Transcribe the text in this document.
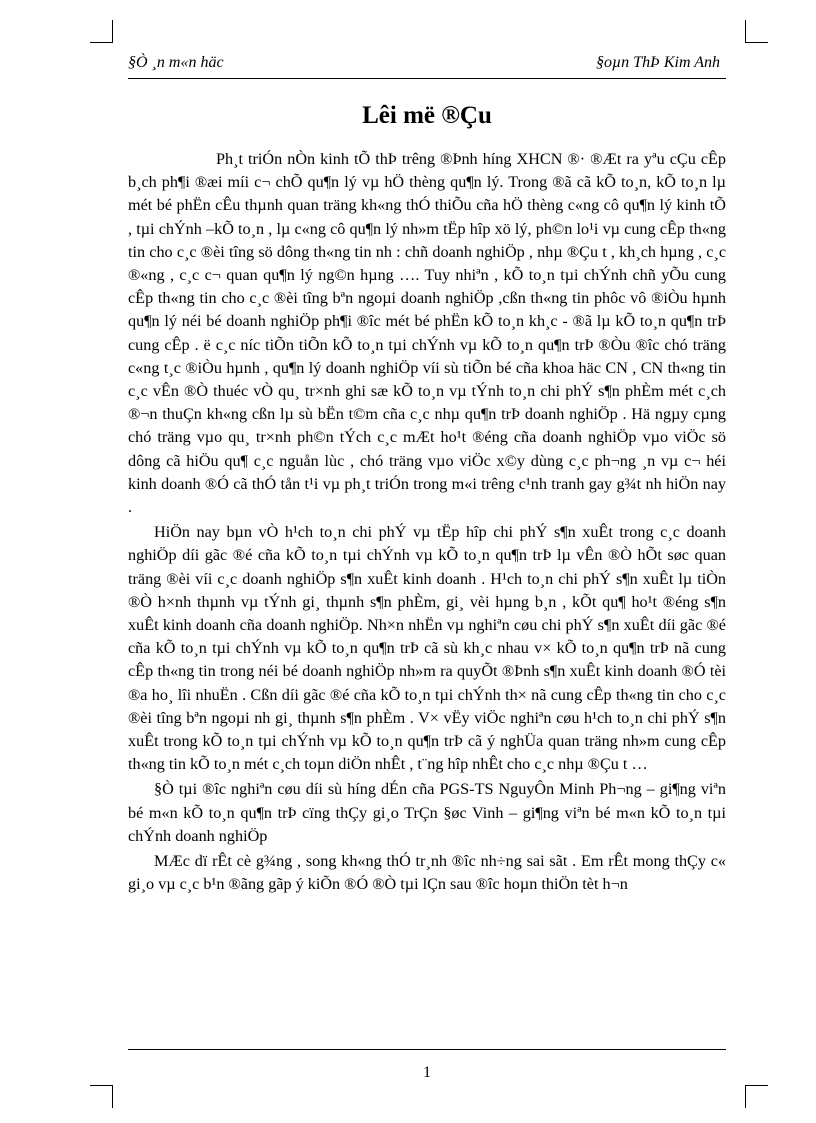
§Ò ¸n m«n häc	§oµn ThÞ Kim Anh
Lêi më ®Çu

Ph¸t triÓn nÒn kinh tÕ thÞ trêng ®Þnh híng XHCN ®· ®Æt ra yªu cÇu cÊp b¸ch ph¶i ®æi míi c¬ chÕ qu¶n lý vµ hÖ thèng qu¶n lý. Trong ®ã cã kÕ to¸n, kÕ to¸n lµ mét bé phËn cÊu thµnh quan träng kh«ng thÓ thiÕu cña hÖ thèng c«ng cô qu¶n lý kinh tÕ , tµi chÝnh –kÕ to¸n , lµ c«ng cô qu¶n lý nh»m tËp hîp xö lý, ph©n lo¹i vµ cung cÊp th«ng tin cho c¸c ®èi tîng sö dông th«ng tin nh : chñ doanh nghiÖp , nhµ ®Çu t , kh¸ch hµng , c¸c ®«ng , c¸c c¬ quan qu¶n lý ng©n hµng …. Tuy nhiªn , kÕ to¸n tµi chÝnh chñ yÕu cung cÊp th«ng tin cho c¸c ®èi tîng bªn ngoµi doanh nghiÖp ,cßn th«ng tin phôc vô ®iÒu hµnh qu¶n lý néi bé doanh nghiÖp ph¶i ®îc mét bé phËn kÕ to¸n kh¸c - ®ã lµ kÕ to¸n qu¶n trÞ cung cÊp . ë c¸c níc tiÕn tiÕn kÕ to¸n tµi chÝnh vµ kÕ to¸n qu¶n trÞ ®Òu ®îc chó träng c«ng t¸c ®iÒu hµnh , qu¶n lý doanh nghiÖp víi sù tiÕn bé cña khoa häc CN , CN th«ng tin c¸c vÊn ®Ò thuéc vÒ qu¸ tr×nh ghi sæ kÕ to¸n vµ tÝnh to¸n chi phÝ s¶n phÈm mét c¸ch ®¬n thuÇn kh«ng cßn lµ sù bËn t©m cña c¸c nhµ qu¶n trÞ doanh nghiÖp . Hä ngµy cµng chó träng vµo qu¸ tr×nh ph©n tÝch c¸c mÆt ho¹t ®éng cña doanh nghiÖp vµo viÖc sö dông cã hiÖu qu¶ c¸c nguån lùc , chó träng vµo viÖc x©y dùng c¸c ph¬ng ¸n vµ c¬ héi kinh doanh ®Ó cã thÓ tån t¹i vµ ph¸t triÓn trong m«i trêng c¹nh tranh gay g¾t nh hiÖn nay .

HiÖn nay bµn vÒ h¹ch to¸n chi phÝ vµ tËp hîp chi phÝ s¶n xuÊt trong c¸c doanh nghiÖp díi gãc ®é cña kÕ to¸n tµi chÝnh vµ kÕ to¸n qu¶n trÞ lµ vÊn ®Ò hÕt søc quan träng ®èi víi c¸c doanh nghiÖp s¶n xuÊt kinh doanh . H¹ch to¸n chi phÝ s¶n xuÊt lµ tiÒn ®Ò h×nh thµnh vµ tÝnh gi¸ thµnh s¶n phÈm, gi¸ vèi hµng b¸n , kÕt qu¶ ho¹t ®éng s¶n xuÊt kinh doanh cña doanh nghiÖp. Nh×n nhËn vµ nghiªn cøu chi phÝ s¶n xuÊt díi gãc ®é cña kÕ to¸n tµi chÝnh vµ kÕ to¸n qu¶n trÞ cã sù kh¸c nhau v× kÕ to¸n qu¶n trÞ nã cung cÊp th«ng tin trong néi bé doanh nghiÖp nh»m ra quyÕt ®Þnh s¶n xuÊt kinh doanh ®Ó tèi ®a ho¸ lîi nhuËn . Cßn díi gãc ®é cña kÕ to¸n tµi chÝnh th× nã cung cÊp th«ng tin cho c¸c ®èi tîng bªn ngoµi nh gi¸ thµnh s¶n phÈm . V× vËy viÖc nghiªn cøu h¹ch to¸n chi phÝ s¶n xuÊt trong kÕ to¸n tµi chÝnh vµ kÕ to¸n qu¶n trÞ cã ý nghÜa quan träng nh»m cung cÊp th«ng tin kÕ to¸n mét c¸ch toµn diÖn nhÊt , t¨ng hîp nhÊt cho c¸c nhµ ®Çu t …

§Ò tµi ®îc nghiªn cøu díi sù híng dÉn cña PGS-TS NguyÔn Minh Ph¬ng – gi¶ng viªn bé m«n kÕ to¸n qu¶n trÞ cïng thÇy gi¸o TrÇn §øc Vinh – gi¶ng viªn bé m«n kÕ to¸n tµi chÝnh doanh nghiÖp

MÆc dï rÊt cè g¾ng , song kh«ng thÓ tr¸nh ®îc nh÷ng sai sãt . Em rÊt mong thÇy c« gi¸o vµ c¸c b¹n ®ãng gãp ý kiÕn ®Ó ®Ò tµi lÇn sau ®îc hoµn thiÖn tèt h¬n

1
